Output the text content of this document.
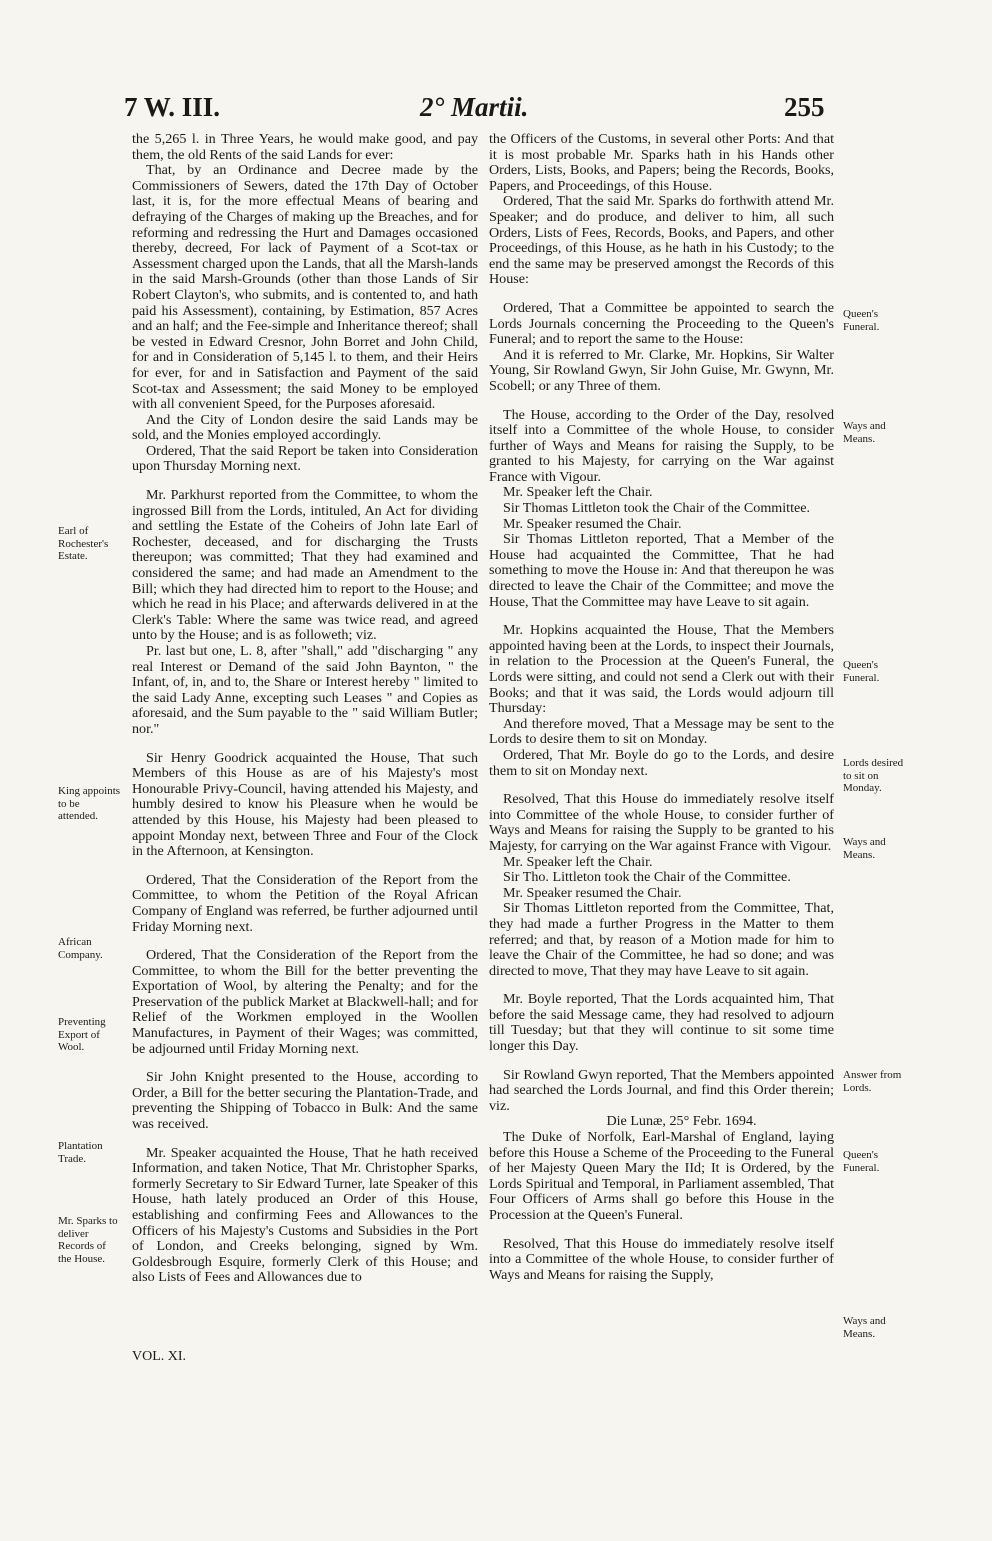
7 W. III.	2° Martii.	255
Earl of Rochester's Estate.
King appoints to be attended.
African Company.
Preventing Export of Wool.
Plantation Trade.
Mr. Sparks to deliver Records of the House.
Queen's Funeral.
Ways and Means.
Queen's Funeral.
Lords desired to sit on Monday.
Ways and Means.
Answer from Lords.
Queen's Funeral.
Ways and Means.

the 5,265 l. in Three Years, he would make good, and pay them, the old Rents of the said Lands for ever:

That, by an Ordinance and Decree made by the Commissioners of Sewers, dated the 17th Day of October last, it is, for the more effectual Means of bearing and defraying of the Charges of making up the Breaches, and for reforming and redressing the Hurt and Damages occasioned thereby, decreed, For lack of Payment of a Scot-tax or Assessment charged upon the Lands, that all the Marsh-lands in the said Marsh-Grounds (other than those Lands of Sir Robert Clayton's, who submits, and is contented to, and hath paid his Assessment), containing, by Estimation, 857 Acres and an half; and the Fee-simple and Inheritance thereof; shall be vested in Edward Cresnor, John Borret and John Child, for and in Consideration of 5,145 l. to them, and their Heirs for ever, for and in Satisfaction and Payment of the said Scot-tax and Assessment; the said Money to be employed with all convenient Speed, for the Purposes aforesaid.

And the City of London desire the said Lands may be sold, and the Monies employed accordingly.

Ordered, That the said Report be taken into Consideration upon Thursday Morning next.

Mr. Parkhurst reported from the Committee, to whom the ingrossed Bill from the Lords, intituled, An Act for dividing and settling the Estate of the Coheirs of John late Earl of Rochester, deceased, and for discharging the Trusts thereupon; was committed; That they had examined and considered the same; and had made an Amendment to the Bill; which they had directed him to report to the House; and which he read in his Place; and afterwards delivered in at the Clerk's Table: Where the same was twice read, and agreed unto by the House; and is as followeth; viz.

Pr. last but one, L. 8, after "shall," add "discharging " any real Interest or Demand of the said John Baynton, " the Infant, of, in, and to, the Share or Interest hereby " limited to the said Lady Anne, excepting such Leases " and Copies as aforesaid, and the Sum payable to the " said William Butler; nor."

Sir Henry Goodrick acquainted the House, That such Members of this House as are of his Majesty's most Honourable Privy-Council, having attended his Majesty, and humbly desired to know his Pleasure when he would be attended by this House, his Majesty had been pleased to appoint Monday next, between Three and Four of the Clock in the Afternoon, at Kensington.

Ordered, That the Consideration of the Report from the Committee, to whom the Petition of the Royal African Company of England was referred, be further adjourned until Friday Morning next.

Ordered, That the Consideration of the Report from the Committee, to whom the Bill for the better preventing the Exportation of Wool, by altering the Penalty; and for the Preservation of the publick Market at Blackwell-hall; and for Relief of the Workmen employed in the Woollen Manufactures, in Payment of their Wages; was committed, be adjourned until Friday Morning next.

Sir John Knight presented to the House, according to Order, a Bill for the better securing the Plantation-Trade, and preventing the Shipping of Tobacco in Bulk: And the same was received.

Mr. Speaker acquainted the House, That he hath received Information, and taken Notice, That Mr. Christopher Sparks, formerly Secretary to Sir Edward Turner, late Speaker of this House, hath lately produced an Order of this House, establishing and confirming Fees and Allowances to the Officers of his Majesty's Customs and Subsidies in the Port of London, and Creeks belonging, signed by Wm. Goldesbrough Esquire, formerly Clerk of this House; and also Lists of Fees and Allowances due to

the Officers of the Customs, in several other Ports: And that it is most probable Mr. Sparks hath in his Hands other Orders, Lists, Books, and Papers; being the Records, Books, Papers, and Proceedings, of this House.

Ordered, That the said Mr. Sparks do forthwith attend Mr. Speaker; and do produce, and deliver to him, all such Orders, Lists of Fees, Records, Books, and Papers, and other Proceedings, of this House, as he hath in his Custody; to the end the same may be preserved amongst the Records of this House:

Ordered, That a Committee be appointed to search the Lords Journals concerning the Proceeding to the Queen's Funeral; and to report the same to the House:

And it is referred to Mr. Clarke, Mr. Hopkins, Sir Walter Young, Sir Rowland Gwyn, Sir John Guise, Mr. Gwynn, Mr. Scobell; or any Three of them.

The House, according to the Order of the Day, resolved itself into a Committee of the whole House, to consider further of Ways and Means for raising the Supply, to be granted to his Majesty, for carrying on the War against France with Vigour.

Mr. Speaker left the Chair.

Sir Thomas Littleton took the Chair of the Committee.

Mr. Speaker resumed the Chair.

Sir Thomas Littleton reported, That a Member of the House had acquainted the Committee, That he had something to move the House in: And that thereupon he was directed to leave the Chair of the Committee; and move the House, That the Committee may have Leave to sit again.

Mr. Hopkins acquainted the House, That the Members appointed having been at the Lords, to inspect their Journals, in relation to the Procession at the Queen's Funeral, the Lords were sitting, and could not send a Clerk out with their Books; and that it was said, the Lords would adjourn till Thursday:

And therefore moved, That a Message may be sent to the Lords to desire them to sit on Monday.

Ordered, That Mr. Boyle do go to the Lords, and desire them to sit on Monday next.

Resolved, That this House do immediately resolve itself into Committee of the whole House, to consider further of Ways and Means for raising the Supply to be granted to his Majesty, for carrying on the War against France with Vigour.

Mr. Speaker left the Chair.

Sir Tho. Littleton took the Chair of the Committee.

Mr. Speaker resumed the Chair.

Sir Thomas Littleton reported from the Committee, That, they had made a further Progress in the Matter to them referred; and that, by reason of a Motion made for him to leave the Chair of the Committee, he had so done; and was directed to move, That they may have Leave to sit again.

Mr. Boyle reported, That the Lords acquainted him, That before the said Message came, they had resolved to adjourn till Tuesday; but that they will continue to sit some time longer this Day.

Sir Rowland Gwyn reported, That the Members appointed had searched the Lords Journal, and find this Order therein; viz.

Die Lunæ, 25° Febr. 1694.

The Duke of Norfolk, Earl-Marshal of England, laying before this House a Scheme of the Proceeding to the Funeral of her Majesty Queen Mary the IId; It is Ordered, by the Lords Spiritual and Temporal, in Parliament assembled, That Four Officers of Arms shall go before this House in the Procession at the Queen's Funeral.

Resolved, That this House do immediately resolve itself into a Committee of the whole House, to consider further of Ways and Means for raising the Supply,

VOL. XI.
